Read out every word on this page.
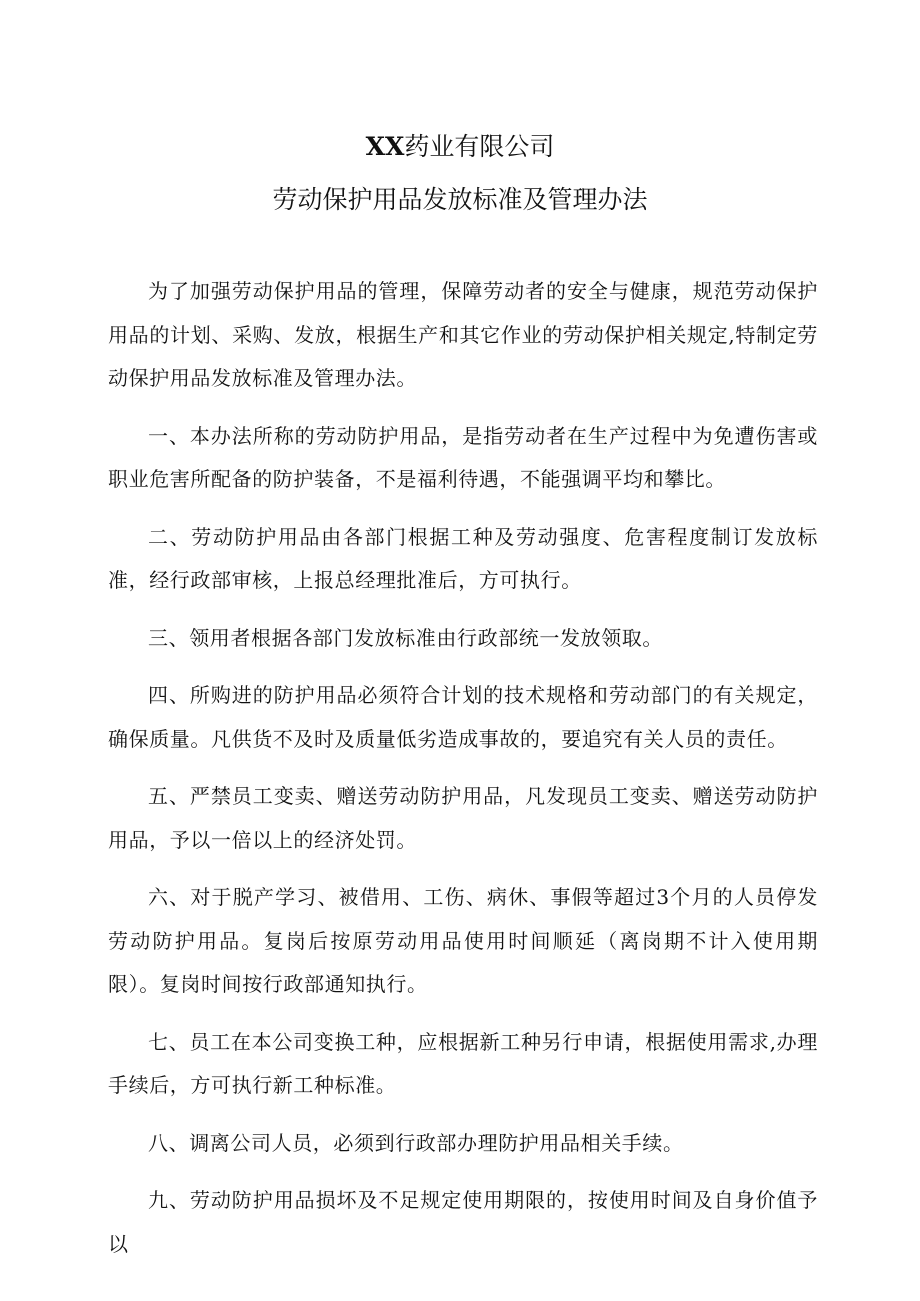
XX药业有限公司
劳动保护用品发放标准及管理办法

为了加强劳动保护用品的管理，保障劳动者的安全与健康，规范劳动保护用品的计划、采购、发放，根据生产和其它作业的劳动保护相关规定,特制定劳动保护用品发放标准及管理办法。

一、本办法所称的劳动防护用品，是指劳动者在生产过程中为免遭伤害或职业危害所配备的防护装备，不是福利待遇，不能强调平均和攀比。

二、劳动防护用品由各部门根据工种及劳动强度、危害程度制订发放标准，经行政部审核，上报总经理批准后，方可执行。

三、领用者根据各部门发放标准由行政部统一发放领取。

四、所购进的防护用品必须符合计划的技术规格和劳动部门的有关规定，确保质量。凡供货不及时及质量低劣造成事故的，要追究有关人员的责任。

五、严禁员工变卖、赠送劳动防护用品，凡发现员工变卖、赠送劳动防护用品，予以一倍以上的经济处罚。

六、对于脱产学习、被借用、工伤、病休、事假等超过3个月的人员停发劳动防护用品。复岗后按原劳动用品使用时间顺延（离岗期不计入使用期限）。复岗时间按行政部通知执行。

七、员工在本公司变换工种，应根据新工种另行申请，根据使用需求,办理手续后，方可执行新工种标准。

八、调离公司人员，必须到行政部办理防护用品相关手续。

九、劳动防护用品损坏及不足规定使用期限的，按使用时间及自身价值予以
